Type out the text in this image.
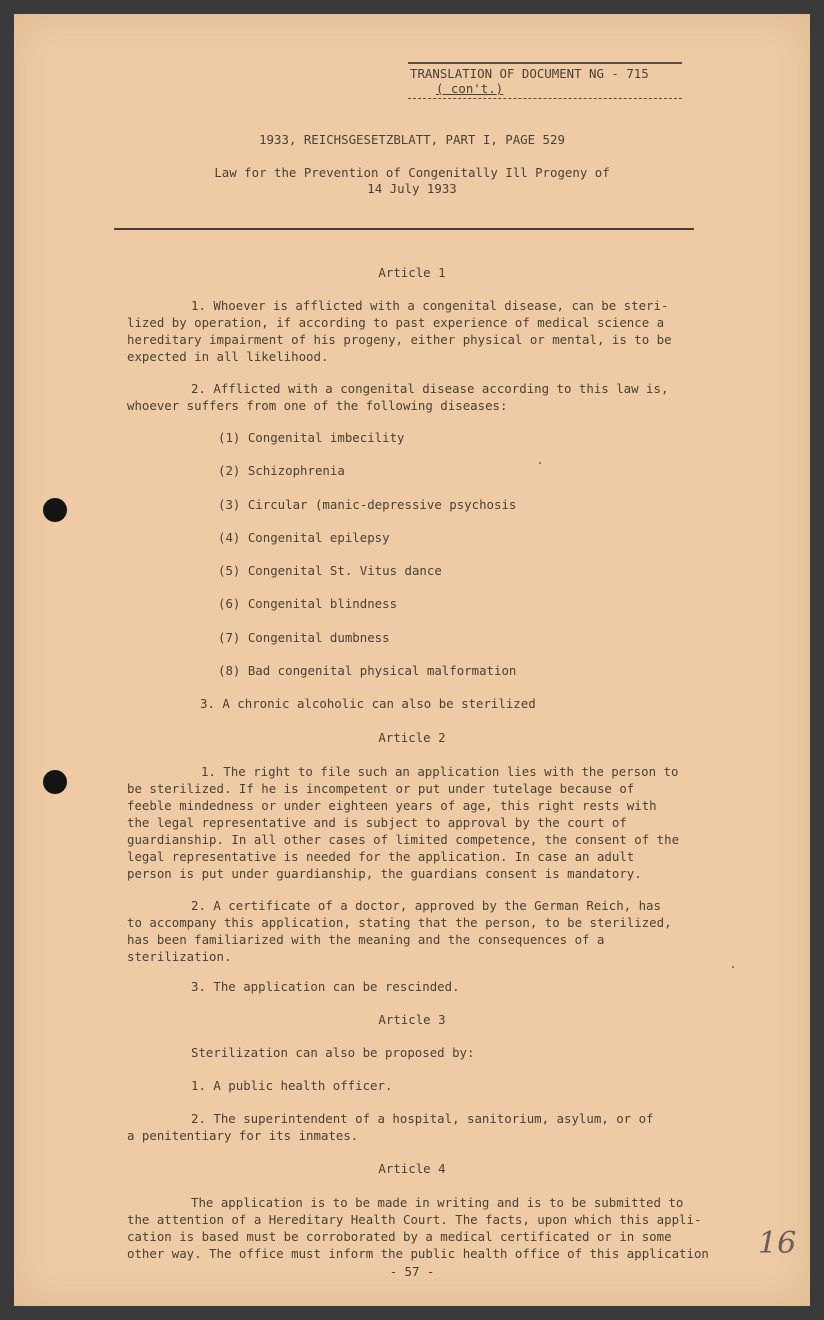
TRANSLATION OF DOCUMENT NG - 715
( con't.)
1933, REICHSGESETZBLATT, PART I, PAGE 529
Law for the Prevention of Congenitally Ill Progeny of
14 July 1933
Article 1
1. Whoever is afflicted with a congenital disease, can be steri-
lized by operation, if according to past experience of medical science a
hereditary impairment of his progeny, either physical or mental, is to be
expected in all likelihood.
2. Afflicted with a congenital disease according to this law is,
whoever suffers from one of the following diseases:
(1) Congenital imbecility
(2) Schizophrenia
(3) Circular (manic-depressive psychosis
(4) Congenital epilepsy
(5) Congenital St. Vitus dance
(6) Congenital blindness
(7) Congenital dumbness
(8) Bad congenital physical malformation
3. A chronic alcoholic can also be sterilized
Article 2
1. The right to file such an application lies with the person to
be sterilized. If he is incompetent or put under tutelage because of
feeble mindedness or under eighteen years of age, this right rests with
the legal representative and is subject to approval by the court of
guardianship. In all other cases of limited competence, the consent of the
legal representative is needed for the application. In case an adult
person is put under guardianship, the guardians consent is mandatory.
2. A certificate of a doctor, approved by the German Reich, has
to accompany this application, stating that the person, to be sterilized,
has been familiarized with the meaning and the consequences of a
sterilization.
3. The application can be rescinded.
Article 3
Sterilization can also be proposed by:
1. A public health officer.
2. The superintendent of a hospital, sanitorium, asylum, or of
a penitentiary for its inmates.
Article 4
The application is to be made in writing and is to be submitted to
the attention of a Hereditary Health Court. The facts, upon which this appli-
cation is based must be corroborated by a medical certificated or in some
other way. The office must inform the public health office of this application
- 57 -
16
